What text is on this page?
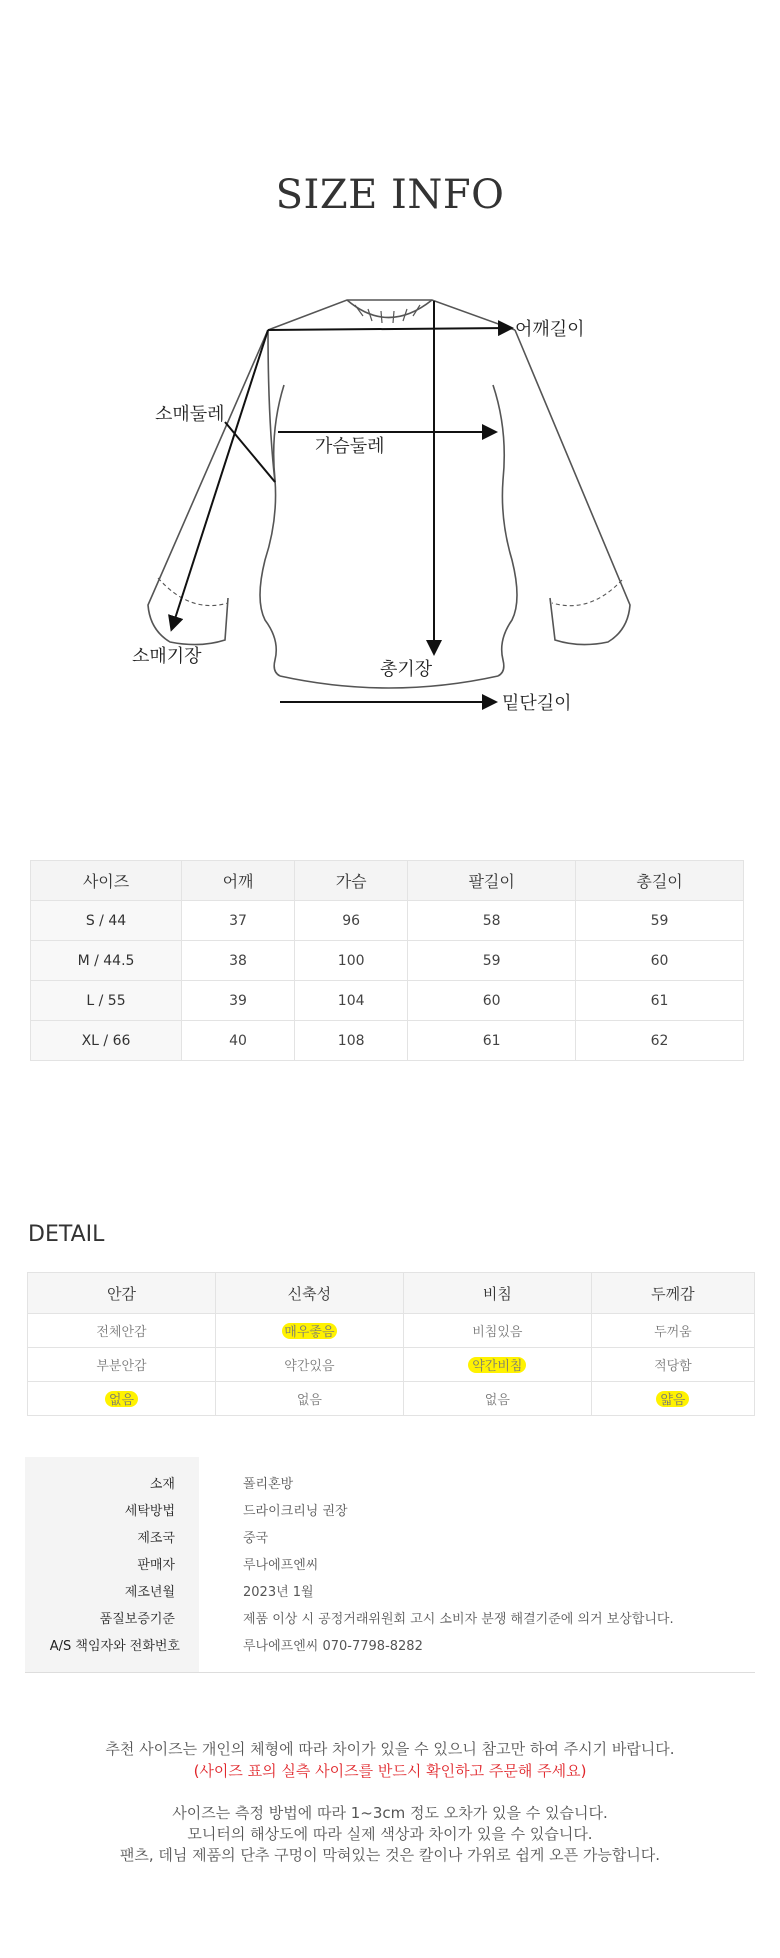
SIZE INFO
어깨길이
소매둘레
가슴둘레
소매기장
총기장
밑단길이
사이즈	어깨	가슴	팔길이	총길이
S / 44	37	96	58	59
M / 44.5	38	100	59	60
L / 55	39	104	60	61
XL / 66	40	108	61	62
DETAIL
안감	신축성	비침	두께감
전체안감	매우좋음	비침있음	두꺼움
부분안감	약간있음	약간비침	적당함
없음	없음	없음	얇음
소재	폴리혼방
세탁방법	드라이크리닝 권장
제조국	중국
판매자	루나에프엔씨
제조년월	2023년 1월
품질보증기준	제품 이상 시 공정거래위원회 고시 소비자 분쟁 해결기준에 의거 보상합니다.
A/S 책임자와 전화번호	루나에프엔씨 070-7798-8282
추천 사이즈는 개인의 체형에 따라 차이가 있을 수 있으니 참고만 하여 주시기 바랍니다.
(사이즈 표의 실측 사이즈를 반드시 확인하고 주문해 주세요)
사이즈는 측정 방법에 따라 1~3cm 정도 오차가 있을 수 있습니다.
모니터의 해상도에 따라 실제 색상과 차이가 있을 수 있습니다.
팬츠, 데님 제품의 단추 구멍이 막혀있는 것은 칼이나 가위로 쉽게 오픈 가능합니다.
